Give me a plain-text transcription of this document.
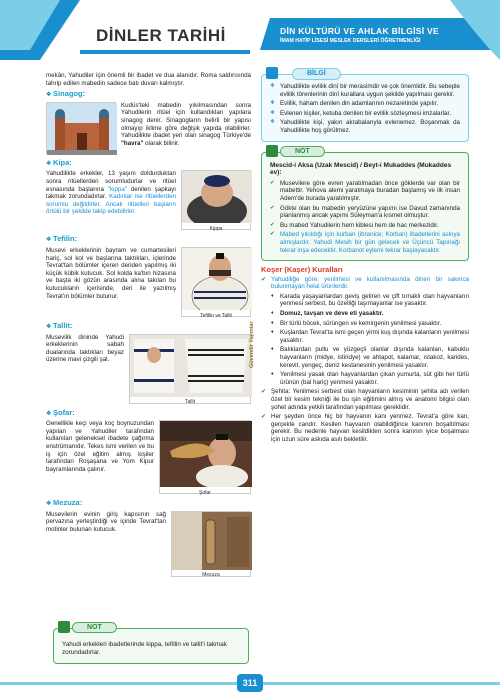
DİNLER TARİHİ	DİN KÜLTÜRÜ VE AHLAK BİLGİSİ VE
İMAM HATİP LİSESİ MESLEK DERSLERİ ÖĞRETMENLİĞİ
mekân, Yahudiler için önemli bir ibadet ve dua alanıdır. Roma saldırısında tahrip edilen mabedin sadece batı duvarı kalmıştır.
❖ Sinagog:
Kudüs'teki mabedin yıkılmasından sonra Yahudilerin ritüel için kullandıkları yapılara sinagog denir. Sinagogların belirli bir yapısı olmayıp iklime göre değişik yapıda olabilirler. Yahudilikte ibadet yeri olan sinagog Türkiye'de "havra" olarak bilinir.
❖ Kipa:
Kippa
Yahudilikte erkekler, 13 yaşını doldurduktan sonra ritüellerden sorumludurlar ve ritüel esnasında başlarına "kippa" denilen şapkayı takmak zorundadırlar. Kadınlar ise ritüellerden sorumlu değildirler. Ancak ritüelleri başların örtülü bir şekilde takip edebilirler.
❖ Tefilin:
Tefillin ve Tallit
Musevi erkeklerinin bayram ve cumartesileri hariç, sol kol ve başlarına taktıkları, içlerinde Tevrat'tan bölümler içeren deriden yapılmış iki küçük kübik kutucuk. Sol kolda ka'bın hizasına ve başta iki gözün arasında alına takılan bu kutucukların içerisinde, deri ile yazılmış Tevrat'ın bölümler bulunur.
❖ Tallit:
Tallit
Musevilik dininde Yahudi erkeklerinin sabah dualarında taktıkları beyaz üzerine mavi çizgili şal.
❖ Şofar:
Şofar
Genellikle keçi veya koç boynuzundan yapılan ve Yahudiler tarafından kullanılan geleneksel ibadete çağırma enstrümanıdır. Tekes ismi verilen ve bu iş için özel eğitim almış kişiler tarafından Roşaşana ve Yom Kipur bayramlarında çalınır.
❖ Mezuza:
Mezuza
Musevilerin evinin giriş kapısının sağ pervazına yerleştirdiği ve içinde Tevrat'tan motinler bulunan kutucuk.
NOT
Yahudi erkekleri ibadetlerinde kippa, tefillin ve tallit'i takmak zorundadırlar.
Güvenilir Yayınlar
BİLGİ
❖ Yahudilikte evlilik dinî bir merasimdir ve çok önemlidir. Bu sebeple evlilik törenlerinin dinî kurallara uygun şekilde yapılması gerekir.
❖ Evlilik, haham denilen din adamlarının nezaretinde yapılır.
❖ Evlenen kişiler, ketuba denilen bir evlilik sözleşmesi imzalarlar.
❖ Yahudilikte kişi, yakın akrabalarıyla evlenemez. Boşanmak da Yahudilikte hoş görülmez.
NOT
Mescid-i Aksa (Uzak Mescid) / Beyt-i Mukaddes (Mukaddes ev):
✔ Musevilere göre evren yaratılmadan önce göklerde var olan bir mabettir. Yehova alemi yaratmaya buradan başlamış ve ilk insan Adem'de burada yaratılmıştır.
✔ Gökte olan bu mabedin yeryüzüne yapımı ise Davud zamanında planlanmış ancak yapımı Süleyman'a kısmet olmuştur.
✔ Bu mabed Yahudilerin hem kiblesi hem de hac merkezidir.
✔ Mabed yıkıldığı için kurban (ibranice; Korban) ibadetlerini askıya almışlardır. Yahudi Mesih bir gün gelecek ve Üçüncü Tapınağı tekrar inşa edecektir. Korbanot eylemi tekrar başlayacaktır.
Koşer (Kaşer) Kuralları
✔ Yahudiliğe göre; yenilmesi ve kullanılmasında dinen bir sakınca bulunmayan helal ürünlerdir.
♦ Karada yaşayanlardan geviş getiren ve çift tırnaklı olan hayvanların yenmesi serbest, bu özelliği taşımayanlar ise yasaktır.
♦ Domuz, tavşan ve deve eti yasaktır.
♦ Bir türlü böcek, sürüngen ve kemirgenin yenilmesi yasaktır.
♦ Kuşlardan Tevrat'ta ismi geçen yirmi kuş dışında kalanların yenilmesi yasaktır.
♦ Balıklardan pullu ve yüzgeçli olanlar dışında kalanları, kabuklu hayvanların (midye, istiridye) ve ahtapot, kalamar, ıstakoz, karides, kerevit, yengeç, deniz kestanesinin yenilmesi yasaktır.
♦ Yenilmesi yasak olan hayvanlardan çıkan yumurta, süt gibi her türlü ürünün (bal hariç) yenmesi yasaktır.
✔ Şehita: Yenilmesi serbest olan hayvanların kesiminin şehita adı verilen özel bir kesim tekniği ile bu işin eğitimini almış ve anatomi bilgisi olan şohet adında yetkili tarafından yapılması gereklidir.
✔ Her şeyden önce hiç bir hayvanın kanı yenmez. Tevrat'a göre kan, gerçekte candır. Kesilen hayvanın olabildiğince kanının boşaltılması gerekir. Bu nedenle hayvan kesildikten sonra kanının iyice boşalması için uzun süre askıda asılı bekletilir.
311
